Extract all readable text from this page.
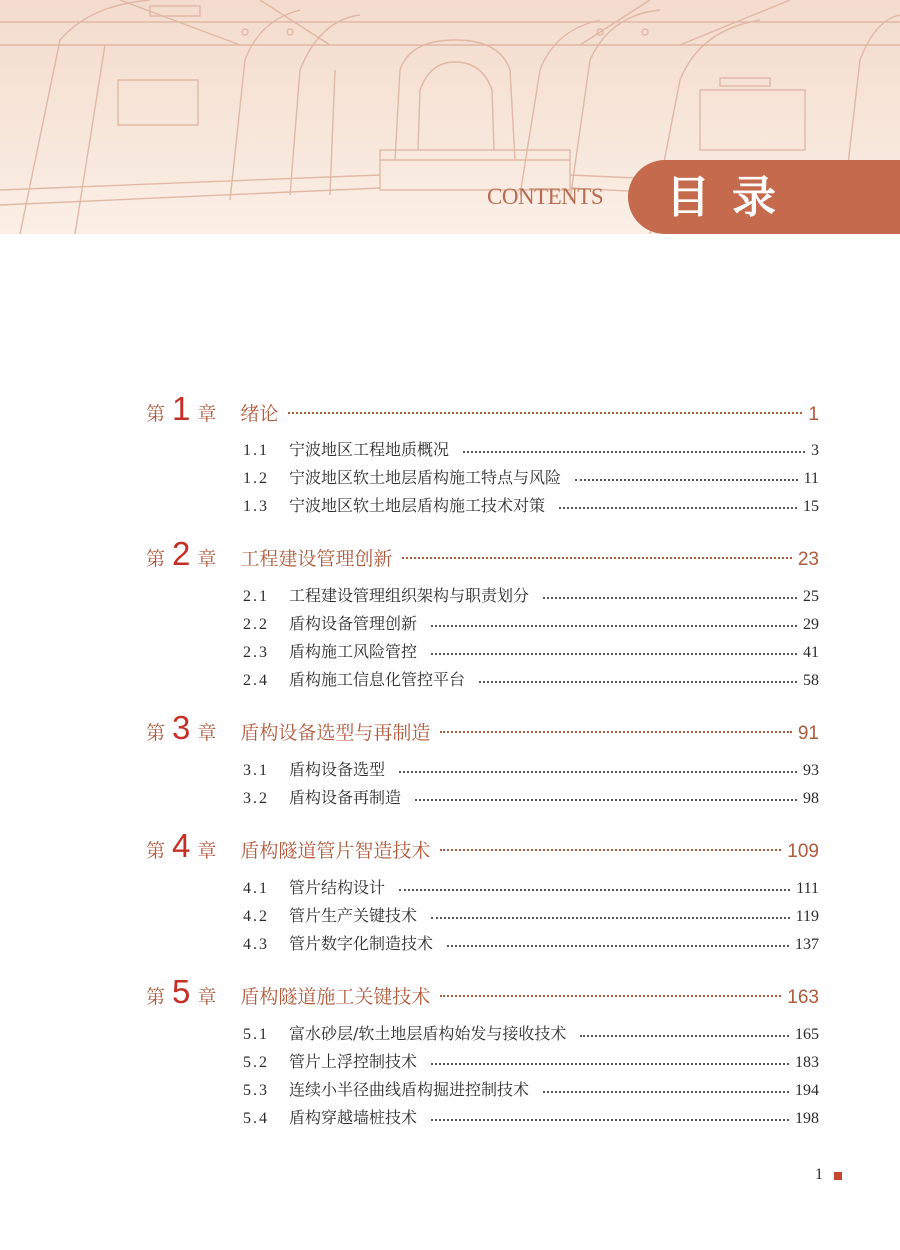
CONTENTS 目录
第 1 章	绪论	1
1.1	宁波地区工程地质概况	3
1.2	宁波地区软土地层盾构施工特点与风险	11
1.3	宁波地区软土地层盾构施工技术对策	15
第 2 章	工程建设管理创新	23
2.1	工程建设管理组织架构与职责划分	25
2.2	盾构设备管理创新	29
2.3	盾构施工风险管控	41
2.4	盾构施工信息化管控平台	58
第 3 章	盾构设备选型与再制造	91
3.1	盾构设备选型	93
3.2	盾构设备再制造	98
第 4 章	盾构隧道管片智造技术	109
4.1	管片结构设计	111
4.2	管片生产关键技术	119
4.3	管片数字化制造技术	137
第 5 章	盾构隧道施工关键技术	163
5.1	富水砂层/软土地层盾构始发与接收技术	165
5.2	管片上浮控制技术	183
5.3	连续小半径曲线盾构掘进控制技术	194
5.4	盾构穿越墙桩技术	198
1
